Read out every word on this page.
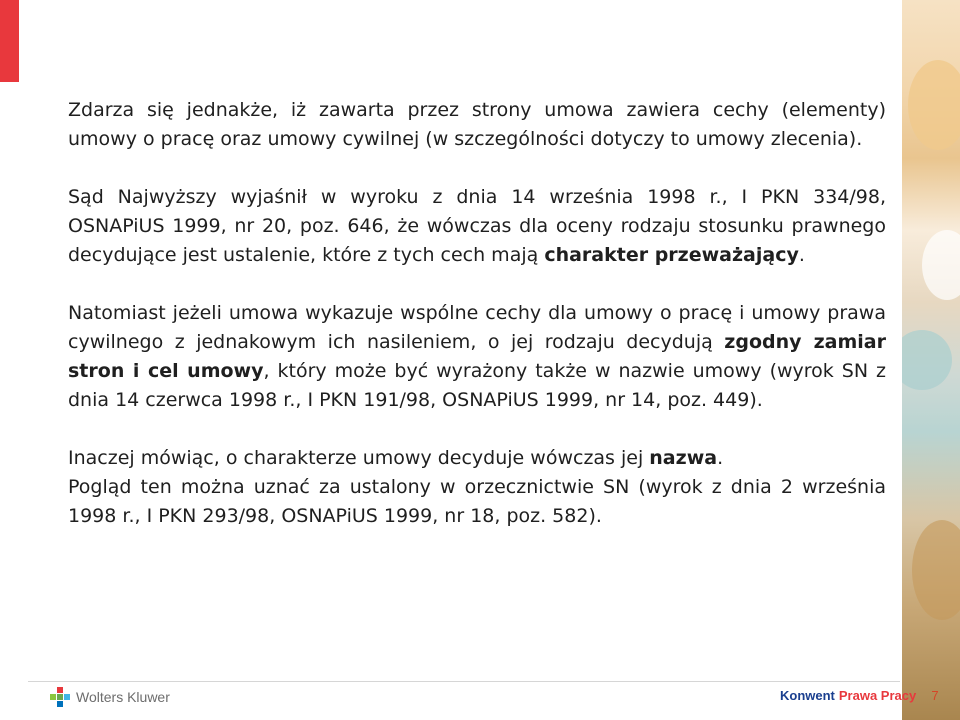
Zdarza się jednakże, iż zawarta przez strony umowa zawiera cechy (elementy) umowy o pracę oraz umowy cywilnej (w szczególności dotyczy to umowy zlecenia).

Sąd Najwyższy wyjaśnił w wyroku z dnia 14 września 1998 r., I PKN 334/98, OSNAPiUS 1999, nr 20, poz. 646, że wówczas dla oceny rodzaju stosunku prawnego decydujące jest ustalenie, które z tych cech mają charakter przeważający.

Natomiast jeżeli umowa wykazuje wspólne cechy dla umowy o pracę i umowy prawa cywilnego z jednakowym ich nasileniem, o jej rodzaju decydują zgodny zamiar stron i cel umowy, który może być wyrażony także w nazwie umowy (wyrok SN z dnia 14 czerwca 1998 r., I PKN 191/98, OSNAPiUS 1999, nr 14, poz. 449).

Inaczej mówiąc, o charakterze umowy decyduje wówczas jej nazwa.

Pogląd ten można uznać za ustalony w orzecznictwie SN (wyrok z dnia 2 września 1998 r., I PKN 293/98, OSNAPiUS 1999, nr 18, poz. 582).

Wolters Kluwer	Konwent Prawa Pracy	7
